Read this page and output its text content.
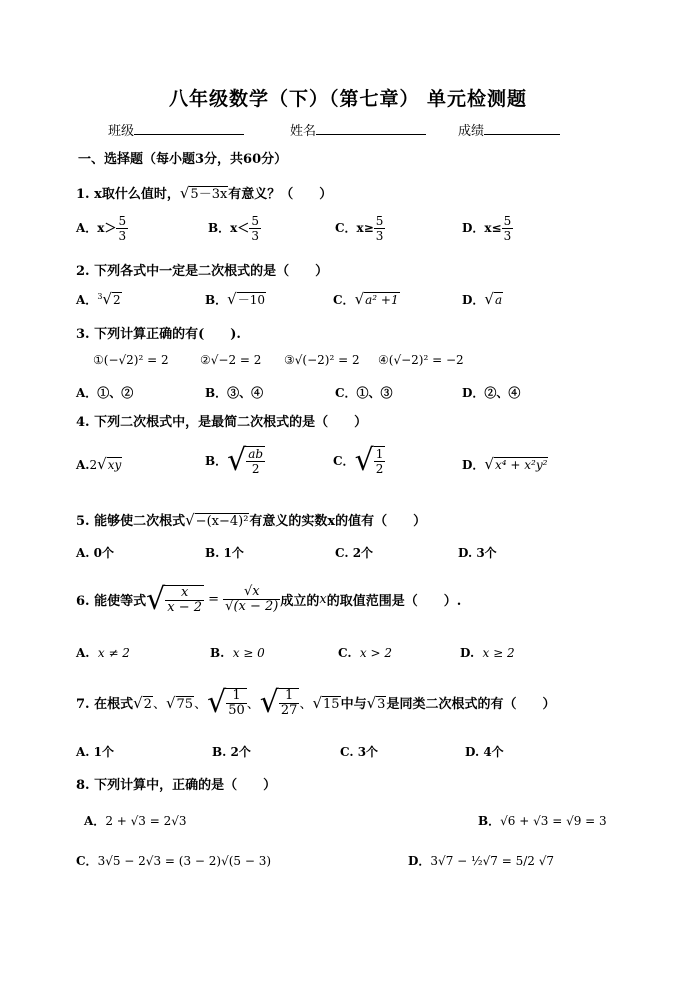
八年级数学（下）（第七章） 单元检测题
班级	姓名	成绩
一、选择题（每小题3分，共60分）
1. x取什么值时，√5－3x有意义？（　　）
A．$x> \frac{5}{3}$	B．$x< \frac{5}{3}$	C．$x\ge \frac{5}{3}$	D．$x\le \frac{5}{3}$
2. 下列各式中一定是二次根式的是（　　）
A．$^3$√2	B．√－10	C．√a² +1	D．√a
3. 下列计算正确的有(　　).
①(−√2)² = 2	②√−2 = 2 ③√(−2)² = 2 ④(√−2)² = −2
A．①、②	B．③、④	C．①、③	D．②、④
4. 下列二次根式中，是最简二次根式的是（　　）
A.2√xy	B．√ $\frac{ab}{2}$	C．√ $\frac{1}{2}$	D．√x⁴ + x²y²
5. 能够使二次根式√−(x−4)²有意义的实数x的值有（　　）
A. 0个	B. 1个	C. 2个	D. 3个
6. 能使等式√ $\frac{x}{x - 2} = \frac{√x}{√(x - 2)}$ 成立的x的取值范围是（　　）.
A. x ≠ 2	B. x ≥ 0	C. x > 2	D. x ≥ 2
7. 在根式√2、√75、√ $\frac{1}{50}$ 、√ $\frac{1}{27}$ 、√15中与√3是同类二次根式的有（　　）
A. 1个	B. 2个	C. 3个	D. 4个
8. 下列计算中，正确的是（　　）
A．2 + √3 = 2√3	B．√6 + √3 = √9 = 3
C．3√5 − 2√3 = (3 − 2)√(5 − 3)	D．3√7 − ½√7 = 5/2 √7
